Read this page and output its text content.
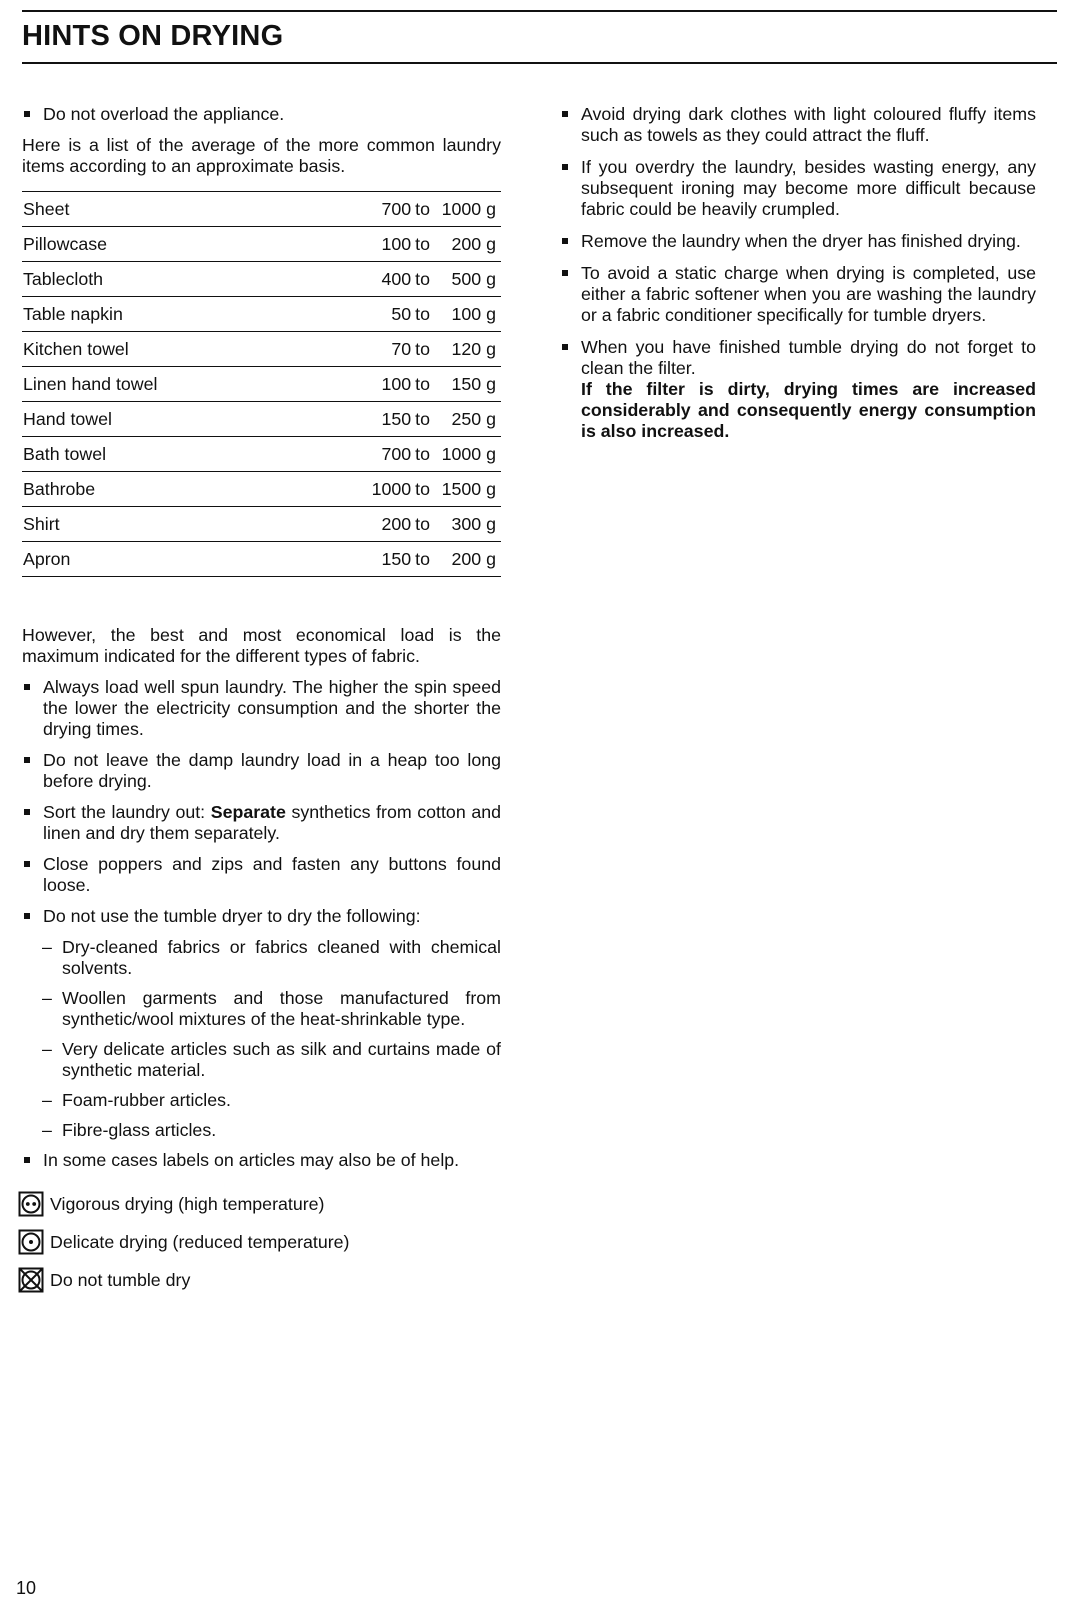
HINTS ON DRYING

Do not overload the appliance.

Here is a list of the average of the more common laundry items according to an approximate basis.

Sheet	700 to 1000 g
Pillowcase	100 to 200 g
Tablecloth	400 to 500 g
Table napkin	50 to 100 g
Kitchen towel	70 to 120 g
Linen hand towel	100 to 150 g
Hand towel	150 to 250 g
Bath towel	700 to 1000 g
Bathrobe	1000 to 1500 g
Shirt	200 to 300 g
Apron	150 to 200 g

However, the best and most economical load is the maximum indicated for the different types of fabric.

Always load well spun laundry. The higher the spin speed the lower the electricity consumption and the shorter the drying times.

Do not leave the damp laundry load in a heap too long before drying.

Sort the laundry out: Separate synthetics from cotton and linen and dry them separately.

Close poppers and zips and fasten any buttons found loose.

Do not use the tumble dryer to dry the following:

– Dry-cleaned fabrics or fabrics cleaned with chemical solvents.

– Woollen garments and those manufactured from synthetic/wool mixtures of the heat-shrinkable type.

– Very delicate articles such as silk and curtains made of synthetic material.

– Foam-rubber articles.

– Fibre-glass articles.

In some cases labels on articles may also be of help.

Vigorous drying (high temperature)
Delicate drying (reduced temperature)
Do not tumble dry

Avoid drying dark clothes with light coloured fluffy items such as towels as they could attract the fluff.

If you overdry the laundry, besides wasting energy, any subsequent ironing may become more difficult because fabric could be heavily crumpled.

Remove the laundry when the dryer has finished drying.

To avoid a static charge when drying is completed, use either a fabric softener when you are washing the laundry or a fabric conditioner specifically for tumble dryers.

When you have finished tumble drying do not forget to clean the filter.
If the filter is dirty, drying times are increased considerably and consequently energy consumption is also increased.
10
